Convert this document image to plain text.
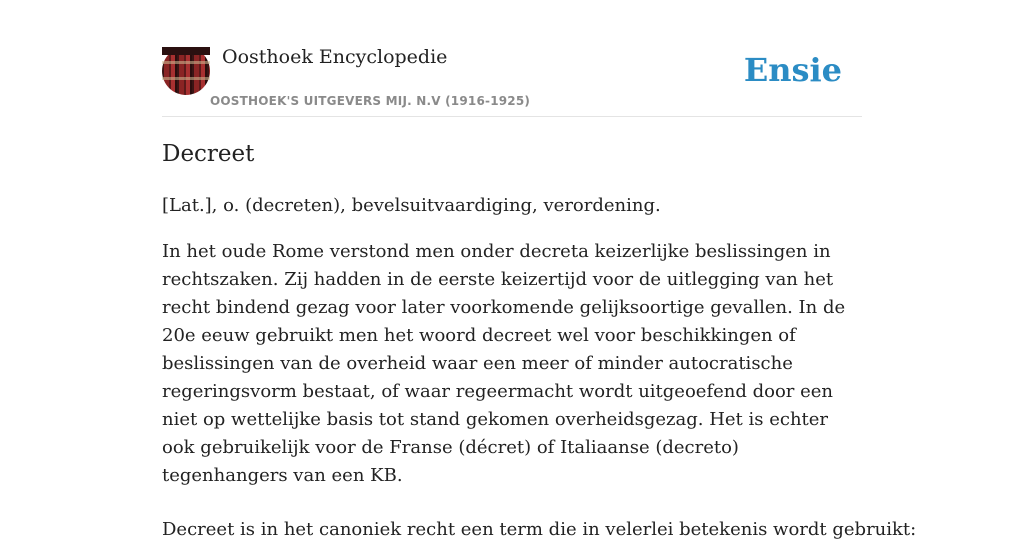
Oosthoek Encyclopedie
OOSTHOEK'S UITGEVERS MIJ. N.V (1916-1925)
Ensie
Decreet

[Lat.], o. (decreten), bevelsuitvaardiging, verordening.

In het oude Rome verstond men onder decreta keizerlijke beslissingen in rechtszaken. Zij hadden in de eerste keizertijd voor de uitlegging van het recht bindend gezag voor later voorkomende gelijksoortige gevallen. In de 20e eeuw gebruikt men het woord decreet wel voor beschikkingen of beslissingen van de overheid waar een meer of minder autocratische regeringsvorm bestaat, of waar regeermacht wordt uitgeoefend door een niet op wettelijke basis tot stand gekomen overheidsgezag. Het is echter ook gebruikelijk voor de Franse (décret) of Italiaanse (decreto) tegenhangers van een KB.

Decreet is in het canoniek recht een term die in velerlei betekenis wordt gebruikt:
